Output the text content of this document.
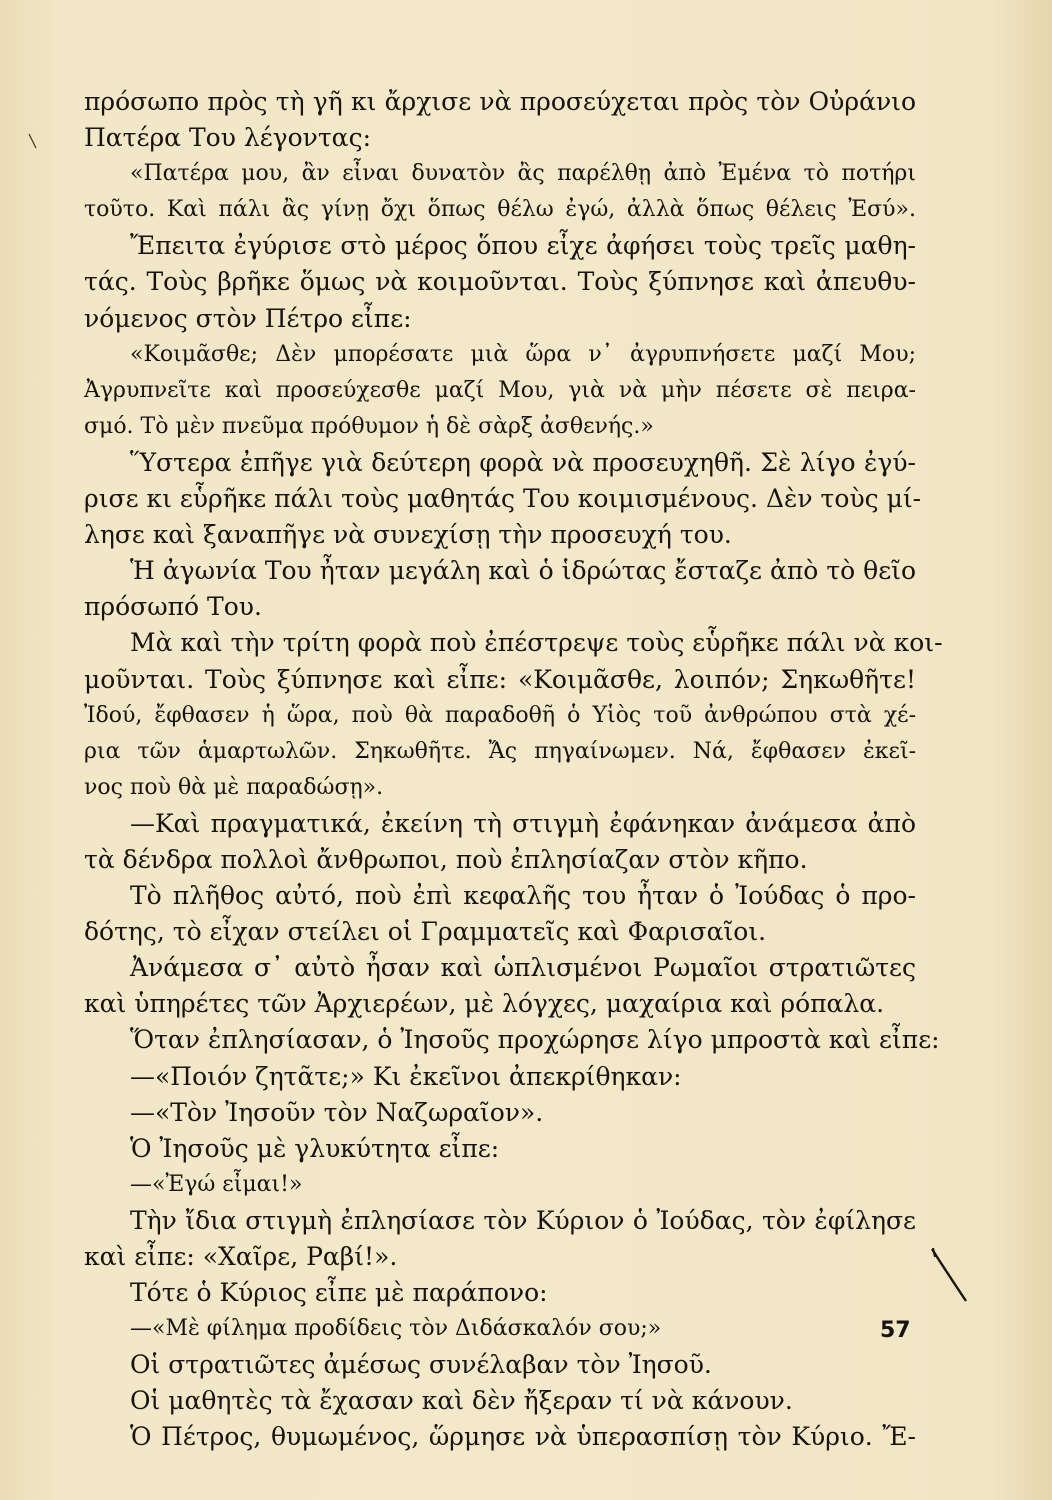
πρόσωπο πρὸς τὴ γῆ κι ἄρχισε νὰ προσεύχεται πρὸς τὸν Οὐράνιο
Πατέρα Του λέγοντας:
«Πατέρα μου, ἂν εἶναι δυνατὸν ἂς παρέλθῃ ἀπὸ Ἐμένα τὸ ποτήρι
τοῦτο. Καὶ πάλι ἂς γίνῃ ὄχι ὅπως θέλω ἐγώ, ἀλλὰ ὅπως θέλεις Ἐσύ».
Ἔπειτα ἐγύρισε στὸ μέρος ὅπου εἶχε ἀφήσει τοὺς τρεῖς μαθη-
τάς. Τοὺς βρῆκε ὅμως νὰ κοιμοῦνται. Τοὺς ξύπνησε καὶ ἀπευθυ-
νόμενος στὸν Πέτρο εἶπε:
«Κοιμᾶσθε; Δὲν μπορέσατε μιὰ ὥρα ν᾽ ἀγρυπνήσετε μαζί Μου;
Ἀγρυπνεῖτε καὶ προσεύχεσθε μαζί Μου, γιὰ νὰ μὴν πέσετε σὲ πειρα-
σμό. Τὸ μὲν πνεῦμα πρόθυμον ἡ δὲ σὰρξ ἀσθενής.»
Ὕστερα ἐπῆγε γιὰ δεύτερη φορὰ νὰ προσευχηθῆ. Σὲ λίγο ἐγύ-
ρισε κι εὗρῆκε πάλι τοὺς μαθητάς Του κοιμισμένους. Δὲν τοὺς μί-
λησε καὶ ξαναπῆγε νὰ συνεχίσῃ τὴν προσευχή του.
Ἡ ἀγωνία Του ἦταν μεγάλη καὶ ὁ ἱδρώτας ἔσταζε ἀπὸ τὸ θεῖο
πρόσωπό Του.
Μὰ καὶ τὴν τρίτη φορὰ ποὺ ἐπέστρεψε τοὺς εὗρῆκε πάλι νὰ κοι-
μοῦνται. Τοὺς ξύπνησε καὶ εἶπε: «Κοιμᾶσθε, λοιπόν; Σηκωθῆτε!
Ἰδού, ἔφθασεν ἡ ὥρα, ποὺ θὰ παραδοθῆ ὁ Υἱὸς τοῦ ἀνθρώπου στὰ χέ-
ρια τῶν ἁμαρτωλῶν. Σηκωθῆτε. Ἄς πηγαίνωμεν. Νά, ἔφθασεν ἐκεῖ-
νος ποὺ θὰ μὲ παραδώσῃ».
—Καὶ πραγματικά, ἐκείνη τὴ στιγμὴ ἐφάνηκαν ἀνάμεσα ἀπὸ
τὰ δένδρα πολλοὶ ἄνθρωποι, ποὺ ἐπλησίαζαν στὸν κῆπο.
Τὸ πλῆθος αὐτό, ποὺ ἐπὶ κεφαλῆς του ἦταν ὁ Ἰούδας ὁ προ-
δότης, τὸ εἶχαν στείλει οἱ Γραμματεῖς καὶ Φαρισαῖοι.
Ἀνάμεσα σ᾽ αὐτὸ ἦσαν καὶ ὡπλισμένοι Ρωμαῖοι στρατιῶτες
καὶ ὑπηρέτες τῶν Ἀρχιερέων, μὲ λόγχες, μαχαίρια καὶ ρόπαλα.
Ὅταν ἐπλησίασαν, ὁ Ἰησοῦς προχώρησε λίγο μπροστὰ καὶ εἶπε:
—«Ποιόν ζητᾶτε;» Κι ἐκεῖνοι ἀπεκρίθηκαν:
—«Τὸν Ἰησοῦν τὸν Ναζωραῖον».
Ὁ Ἰησοῦς μὲ γλυκύτητα εἶπε:
—«Ἐγώ εἶμαι!»
Τὴν ἴδια στιγμὴ ἐπλησίασε τὸν Κύριον ὁ Ἰούδας, τὸν ἐφίλησε
καὶ εἶπε: «Χαῖρε, Ραβί!».
Τότε ὁ Κύριος εἶπε μὲ παράπονο:
—«Μὲ φίλημα προδίδεις τὸν Διδάσκαλόν σου;»
Οἱ στρατιῶτες ἀμέσως συνέλαβαν τὸν Ἰησοῦ.
Οἱ μαθητὲς τὰ ἔχασαν καὶ δὲν ἤξεραν τί νὰ κάνουν.
Ὁ Πέτρος, θυμωμένος, ὥρμησε νὰ ὑπερασπίσῃ τὸν Κύριο. Ἔ-
57
